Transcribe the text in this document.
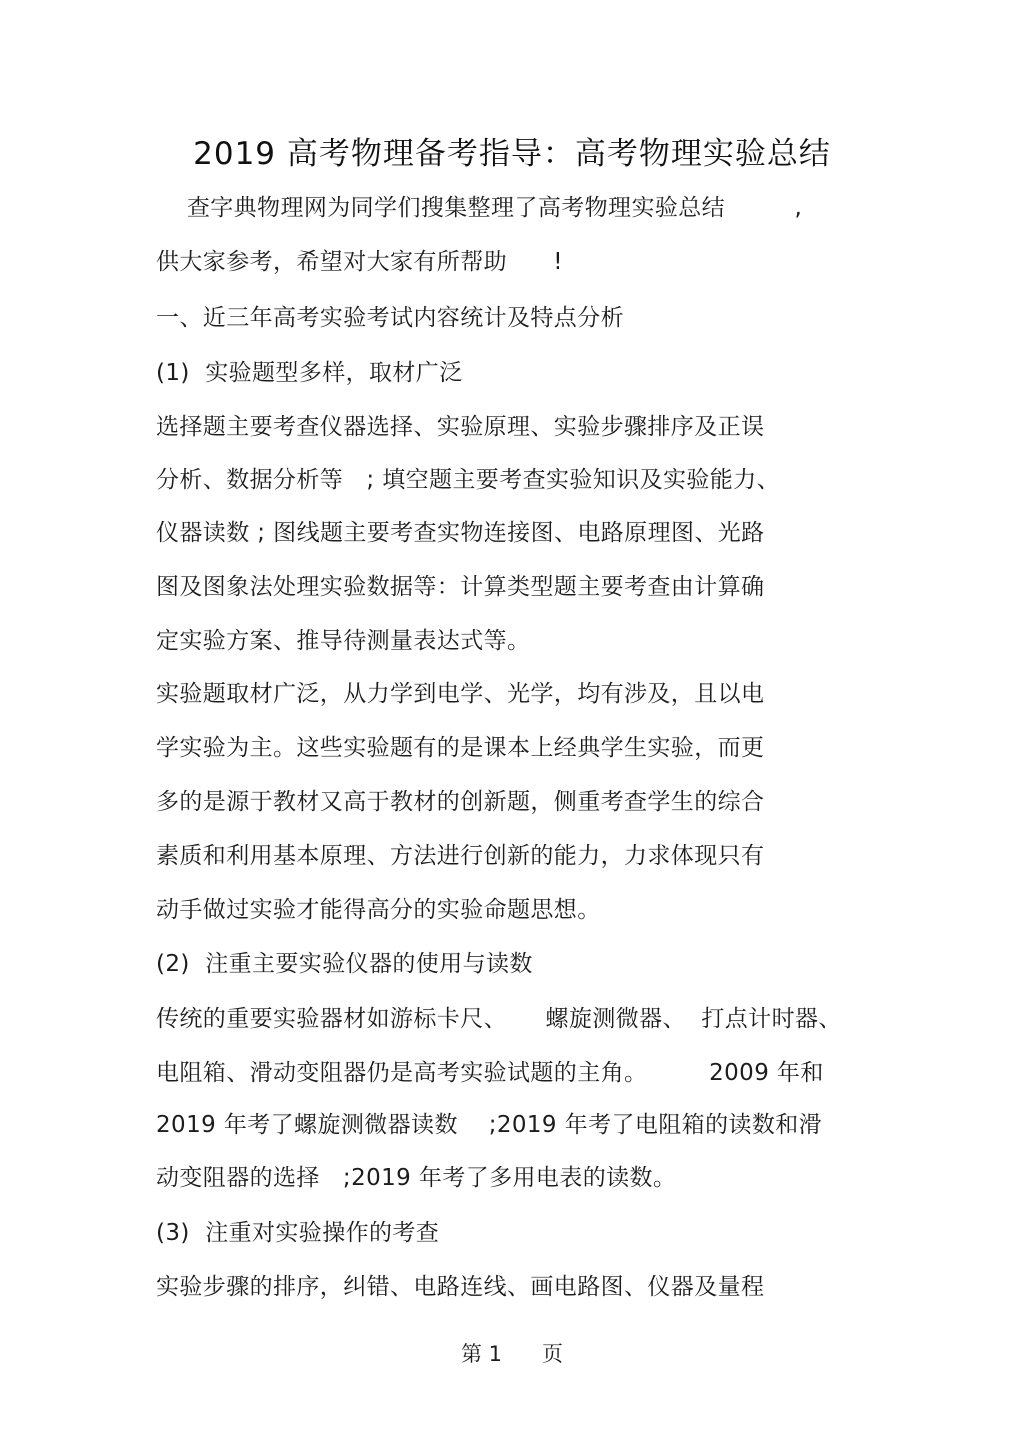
2019 高考物理备考指导：高考物理实验总结
查字典物理网为同学们搜集整理了高考物理实验总结         ,
供大家参考，希望对大家有所帮助      !
一、近三年高考实验考试内容统计及特点分析
(1)  实验题型多样，取材广泛
选择题主要考查仪器选择、实验原理、实验步骤排序及正误
分析、数据分析等   ; 填空题主要考查实验知识及实验能力、
仪器读数 ; 图线题主要考查实物连接图、电路原理图、光路
图及图象法处理实验数据等：计算类型题主要考查由计算确
定实验方案、推导待测量表达式等。
实验题取材广泛，从力学到电学、光学，均有涉及，且以电
学实验为主。这些实验题有的是课本上经典学生实验，而更
多的是源于教材又高于教材的创新题，侧重考查学生的综合
素质和利用基本原理、方法进行创新的能力，力求体现只有
动手做过实验才能得高分的实验命题思想。
(2)  注重主要实验仪器的使用与读数
传统的重要实验器材如游标卡尺、     螺旋测微器、  打点计时器、
电阻箱、滑动变阻器仍是高考实验试题的主角。        2009 年和
2019 年考了螺旋测微器读数    ;2019 年考了电阻箱的读数和滑
动变阻器的选择   ;2019 年考了多用电表的读数。
(3)  注重对实验操作的考查
实验步骤的排序，纠错、电路连线、画电路图、仪器及量程
第 1      页
